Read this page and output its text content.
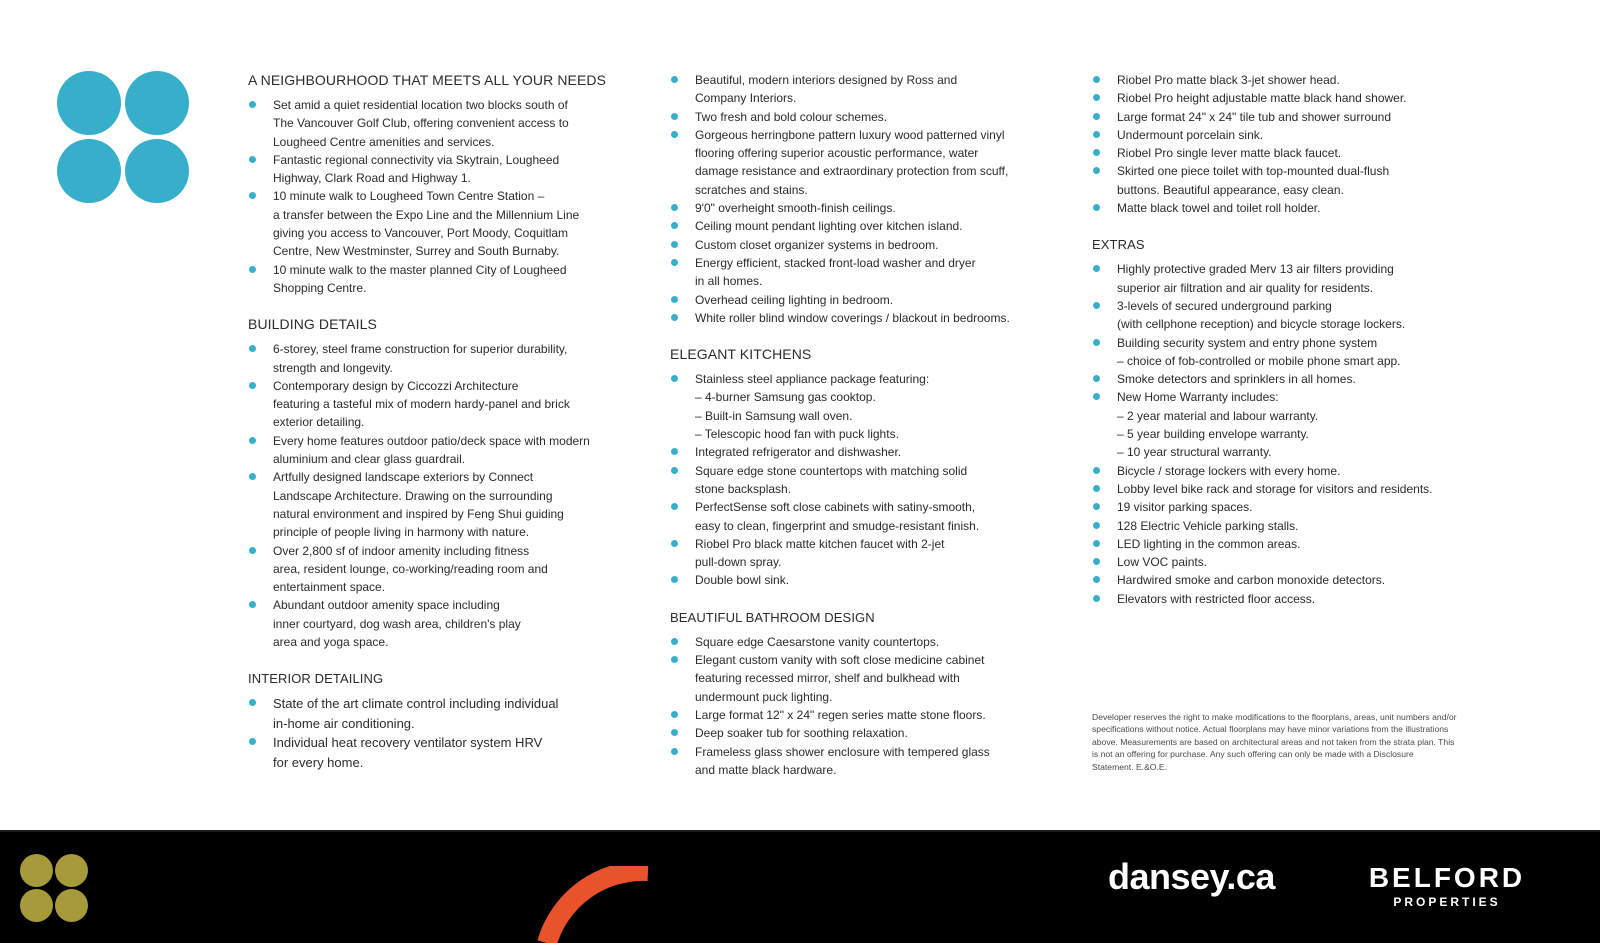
A NEIGHBOURHOOD THAT MEETS ALL YOUR NEEDS
Set amid a quiet residential location two blocks south of
The Vancouver Golf Club, offering convenient access to
Lougheed Centre amenities and services.
Fantastic regional connectivity via Skytrain, Lougheed
Highway, Clark Road and Highway 1.
10 minute walk to Lougheed Town Centre Station –
a transfer between the Expo Line and the Millennium Line
giving you access to Vancouver, Port Moody, Coquitlam
Centre, New Westminster, Surrey and South Burnaby.
10 minute walk to the master planned City of Lougheed
Shopping Centre.
BUILDING DETAILS
6-storey, steel frame construction for superior durability,
strength and longevity.
Contemporary design by Ciccozzi Architecture
featuring a tasteful mix of modern hardy-panel and brick
exterior detailing.
Every home features outdoor patio/deck space with modern
aluminium and clear glass guardrail.
Artfully designed landscape exteriors by Connect
Landscape Architecture. Drawing on the surrounding
natural environment and inspired by Feng Shui guiding
principle of people living in harmony with nature.
Over 2,800 sf of indoor amenity including fitness
area, resident lounge, co-working/reading room and
entertainment space.
Abundant outdoor amenity space including
inner courtyard, dog wash area, children's play
area and yoga space.
INTERIOR DETAILING
State of the art climate control including individual
in-home air conditioning.
Individual heat recovery ventilator system HRV
for every home.
Beautiful, modern interiors designed by Ross and
Company Interiors.
Two fresh and bold colour schemes.
Gorgeous herringbone pattern luxury wood patterned vinyl
flooring offering superior acoustic performance, water
damage resistance and extraordinary protection from scuff,
scratches and stains.
9'0" overheight smooth-finish ceilings.
Ceiling mount pendant lighting over kitchen island.
Custom closet organizer systems in bedroom.
Energy efficient, stacked front-load washer and dryer
in all homes.
Overhead ceiling lighting in bedroom.
White roller blind window coverings / blackout in bedrooms.
ELEGANT KITCHENS
Stainless steel appliance package featuring:
– 4-burner Samsung gas cooktop.
– Built-in Samsung wall oven.
– Telescopic hood fan with puck lights.
Integrated refrigerator and dishwasher.
Square edge stone countertops with matching solid
stone backsplash.
PerfectSense soft close cabinets with satiny-smooth,
easy to clean, fingerprint and smudge-resistant finish.
Riobel Pro black matte kitchen faucet with 2-jet
pull-down spray.
Double bowl sink.
BEAUTIFUL BATHROOM DESIGN
Square edge Caesarstone vanity countertops.
Elegant custom vanity with soft close medicine cabinet
featuring recessed mirror, shelf and bulkhead with
undermount puck lighting.
Large format 12" x 24" regen series matte stone floors.
Deep soaker tub for soothing relaxation.
Frameless glass shower enclosure with tempered glass
and matte black hardware.
Riobel Pro matte black 3-jet shower head.
Riobel Pro height adjustable matte black hand shower.
Large format 24" x 24" tile tub and shower surround
Undermount porcelain sink.
Riobel Pro single lever matte black faucet.
Skirted one piece toilet with top-mounted dual-flush
buttons. Beautiful appearance, easy clean.
Matte black towel and toilet roll holder.
EXTRAS
Highly protective graded Merv 13 air filters providing
superior air filtration and air quality for residents.
3-levels of secured underground parking
(with cellphone reception) and bicycle storage lockers.
Building security system and entry phone system
– choice of fob-controlled or mobile phone smart app.
Smoke detectors and sprinklers in all homes.
New Home Warranty includes:
– 2 year material and labour warranty.
– 5 year building envelope warranty.
– 10 year structural warranty.
Bicycle / storage lockers with every home.
Lobby level bike rack and storage for visitors and residents.
19 visitor parking spaces.
128 Electric Vehicle parking stalls.
LED lighting in the common areas.
Low VOC paints.
Hardwired smoke and carbon monoxide detectors.
Elevators with restricted floor access.
Developer reserves the right to make modifications to the floorplans, areas, unit numbers and/or specifications without notice. Actual floorplans may have minor variations from the illustrations above. Measurements are based on architectural areas and not taken from the strata plan. This is not an offering for purchase. Any such offering can only be made with a Disclosure Statement. E.&O.E.
dansey.ca	BELFORD
PROPERTIES
